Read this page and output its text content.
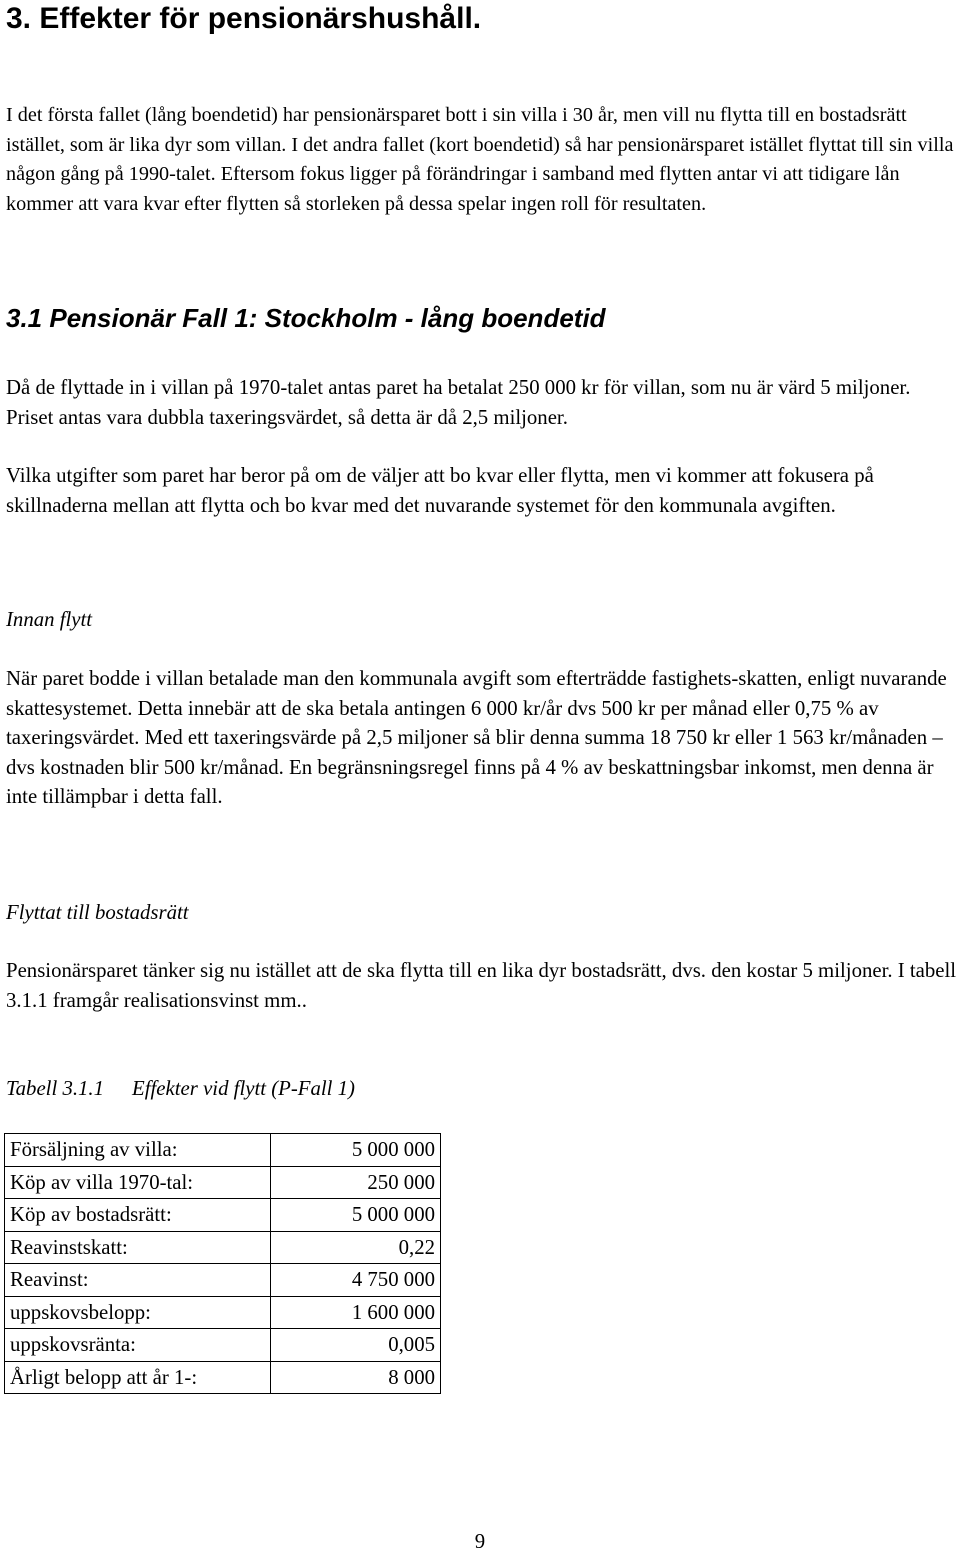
3. Effekter för pensionärshushåll.

I det första fallet (lång boendetid) har pensionärsparet bott i sin villa i 30 år, men vill nu flytta till en bostadsrätt istället, som är lika dyr som villan. I det andra fallet (kort boendetid) så har pensionärsparet istället flyttat till sin villa någon gång på 1990-talet. Eftersom fokus ligger på förändringar i samband med flytten antar vi att tidigare lån kommer att vara kvar efter flytten så storleken på dessa spelar ingen roll för resultaten.

3.1 Pensionär Fall 1: Stockholm - lång boendetid

Då de flyttade in i villan på 1970-talet antas paret ha betalat 250 000 kr för villan, som nu är värd 5 miljoner. Priset antas vara dubbla taxeringsvärdet, så detta är då 2,5 miljoner.

Vilka utgifter som paret har beror på om de väljer att bo kvar eller flytta, men vi kommer att fokusera på skillnaderna mellan att flytta och bo kvar med det nuvarande systemet för den kommunala avgiften.

Innan flytt

När paret bodde i villan betalade man den kommunala avgift som efterträdde fastighets-skatten, enligt nuvarande skattesystemet. Detta innebär att de ska betala antingen 6 000 kr/år dvs 500 kr per månad eller 0,75 % av taxeringsvärdet. Med ett taxeringsvärde på 2,5 miljoner så blir denna summa 18 750 kr eller 1 563 kr/månaden – dvs kostnaden blir 500 kr/månad. En begränsningsregel finns på 4 % av beskattningsbar inkomst, men denna är inte tillämpbar i detta fall.

Flyttat till bostadsrätt

Pensionärsparet tänker sig nu istället att de ska flytta till en lika dyr bostadsrätt, dvs. den kostar 5 miljoner. I tabell 3.1.1 framgår realisationsvinst mm..

Tabell 3.1.1 Effekter vid flytt (P-Fall 1)
Försäljning av villa:	5 000 000
Köp av villa 1970-tal:	250 000
Köp av bostadsrätt:	5 000 000
Reavinstskatt:	0,22
Reavinst:	4 750 000
uppskovsbelopp:	1 600 000
uppskovsränta:	0,005
Årligt belopp att år 1-:	8 000
9
